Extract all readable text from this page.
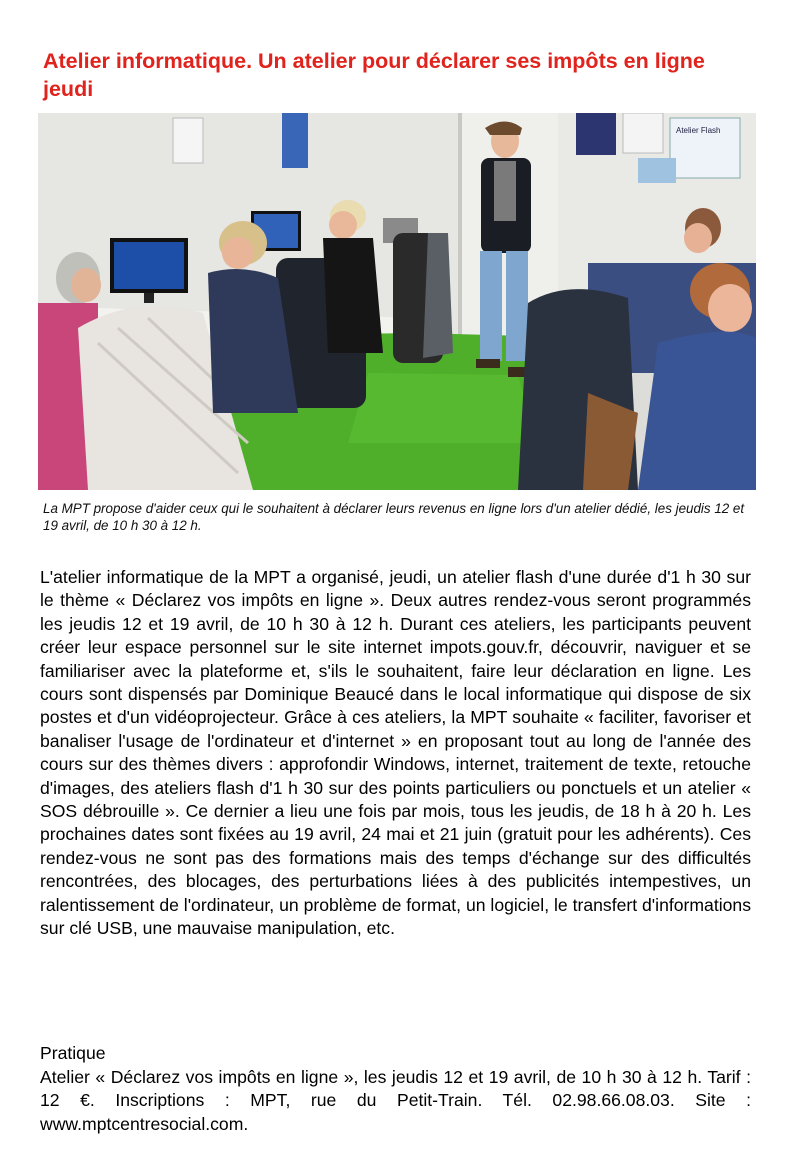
Atelier informatique. Un atelier pour déclarer ses impôts en ligne jeudi
Atelier Flash

La MPT propose d'aider ceux qui le souhaitent à déclarer leurs revenus en ligne lors d'un atelier dédié, les jeudis 12 et 19 avril, de 10 h 30 à 12 h.

L'atelier informatique de la MPT a organisé, jeudi, un atelier flash d'une durée d'1 h 30 sur le thème « Déclarez vos impôts en ligne ». Deux autres rendez-vous seront programmés les jeudis 12 et 19 avril, de 10 h 30 à 12 h. Durant ces ateliers, les participants peuvent créer leur espace personnel sur le site internet impots.gouv.fr, découvrir, naviguer et se familiariser avec la plateforme et, s'ils le souhaitent, faire leur déclaration en ligne. Les cours sont dispensés par Dominique Beaucé dans le local informatique qui dispose de six postes et d'un vidéoprojecteur. Grâce à ces ateliers, la MPT souhaite « faciliter, favoriser et banaliser l'usage de l'ordinateur et d'internet » en proposant tout au long de l'année des cours sur des thèmes divers : approfondir Windows, internet, traitement de texte, retouche d'images, des ateliers flash d'1 h 30 sur des points particuliers ou ponctuels et un atelier « SOS débrouille ». Ce dernier a lieu une fois par mois, tous les jeudis, de 18 h à 20 h. Les prochaines dates sont fixées au 19 avril, 24 mai et 21 juin (gratuit pour les adhérents). Ces rendez-vous ne sont pas des formations mais des temps d'échange sur des difficultés rencontrées, des blocages, des perturbations liées à des publicités intempestives, un ralentissement de l'ordinateur, un problème de format, un logiciel, le transfert d'informations sur clé USB, une mauvaise manipulation, etc.

Pratique

Atelier « Déclarez vos impôts en ligne », les jeudis 12 et 19 avril, de 10 h 30 à 12 h. Tarif : 12 €. Inscriptions : MPT, rue du Petit-Train. Tél. 02.98.66.08.03. Site : www.mptcentresocial.com.
